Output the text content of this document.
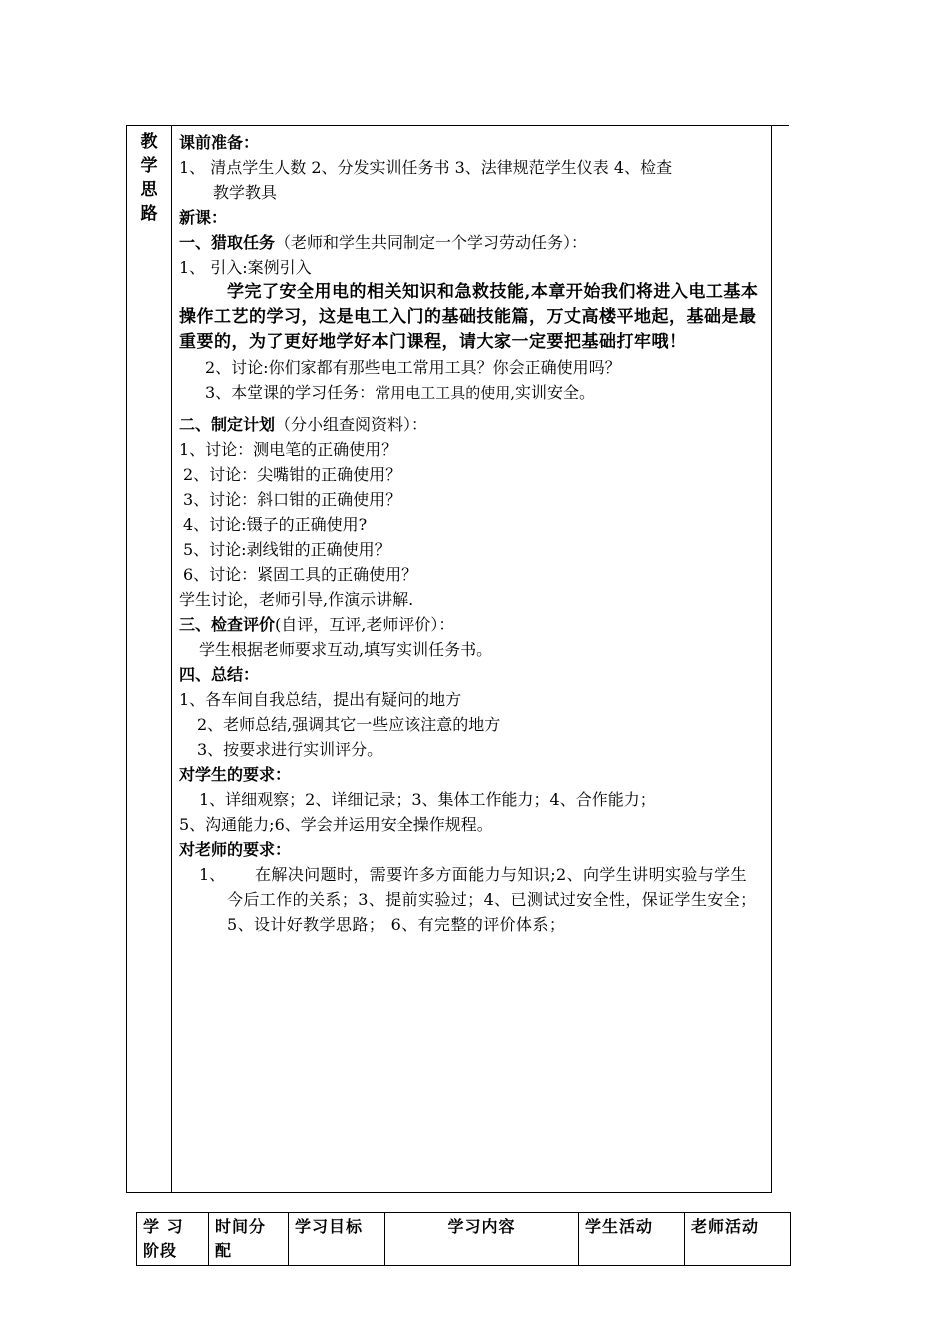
教
学
思
路

课前准备：

1、 清点学生人数 2、分发实训任务书 3、法律规范学生仪表 4、检查

教学教具

新课：

一、猎取任务（老师和学生共同制定一个学习劳动任务）：

1、 引入:案例引入

学完了安全用电的相关知识和急救技能,本章开始我们将进入电工基本操作工艺的学习，这是电工入门的基础技能篇，万丈高楼平地起，基础是最重要的，为了更好地学好本门课程，请大家一定要把基础打牢哦！

2、讨论:你们家都有那些电工常用工具？你会正确使用吗？

3、本堂课的学习任务：常用电工工具的使用,实训安全。

二、制定计划（分小组查阅资料）：

1、讨论：测电笔的正确使用？

2、讨论：尖嘴钳的正确使用？

3、讨论：斜口钳的正确使用？

4、讨论:镊子的正确使用?

5、讨论:剥线钳的正确使用？

6、讨论：紧固工具的正确使用？

学生讨论，老师引导,作演示讲解.

三、检查评价(自评，互评,老师评价）：

学生根据老师要求互动,填写实训任务书。

四、总结：

1、各车间自我总结，提出有疑问的地方

2、老师总结,强调其它一些应该注意的地方

3、按要求进行实训评分。

对学生的要求：

1、详细观察；2、详细记录；3、集体工作能力；4、合作能力；

5、沟通能力;6、学会并运用安全操作规程。

对老师的要求：

1、	在解决问题时，需要许多方面能力与知识;2、向学生讲明实验与学生今后工作的关系；3、提前实验过；4、已测试过安全性，保证学生安全；5、设计好教学思路； 6、有完整的评价体系；

学 习 阶段	时间分配	学习目标	学习内容	学生活动	老师活动
